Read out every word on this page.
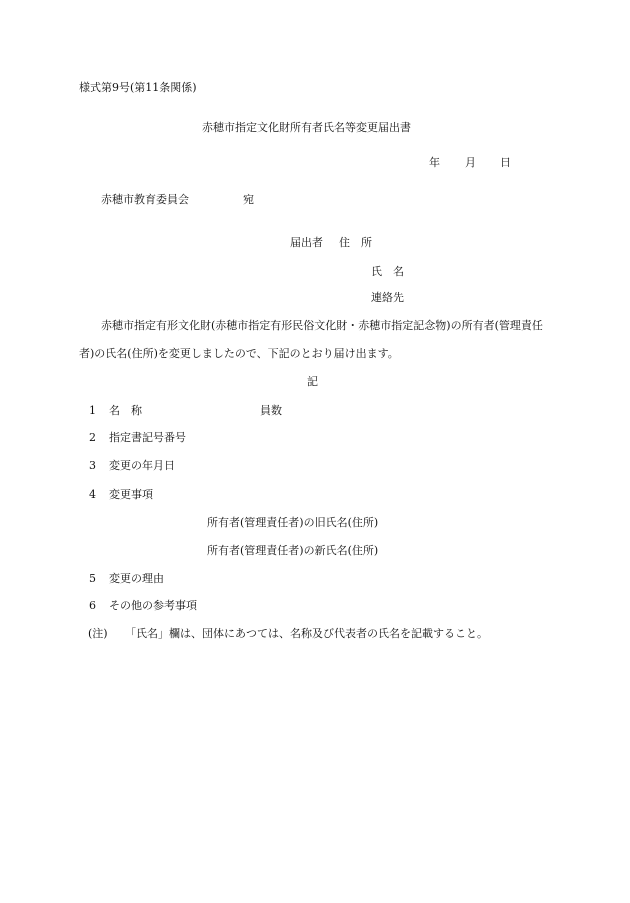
様式第9号(第11条関係)
赤穂市指定文化財所有者氏名等変更届出書
年 月 日
赤穂市教育委員会	宛
届出者 住　所
氏　名
連絡先
赤穂市指定有形文化財(赤穂市指定有形民俗文化財・赤穂市指定記念物)の所有者(管理責任者)の氏名(住所)を変更しましたので、下記のとおり届け出ます。
記
1 名　称	員数
2 指定書記号番号
3 変更の年月日
4 変更事項
所有者(管理責任者)の旧氏名(住所)
所有者(管理責任者)の新氏名(住所)
5 変更の理由
6 その他の参考事項
(注) 「氏名」欄は、団体にあつては、名称及び代表者の氏名を記載すること。
